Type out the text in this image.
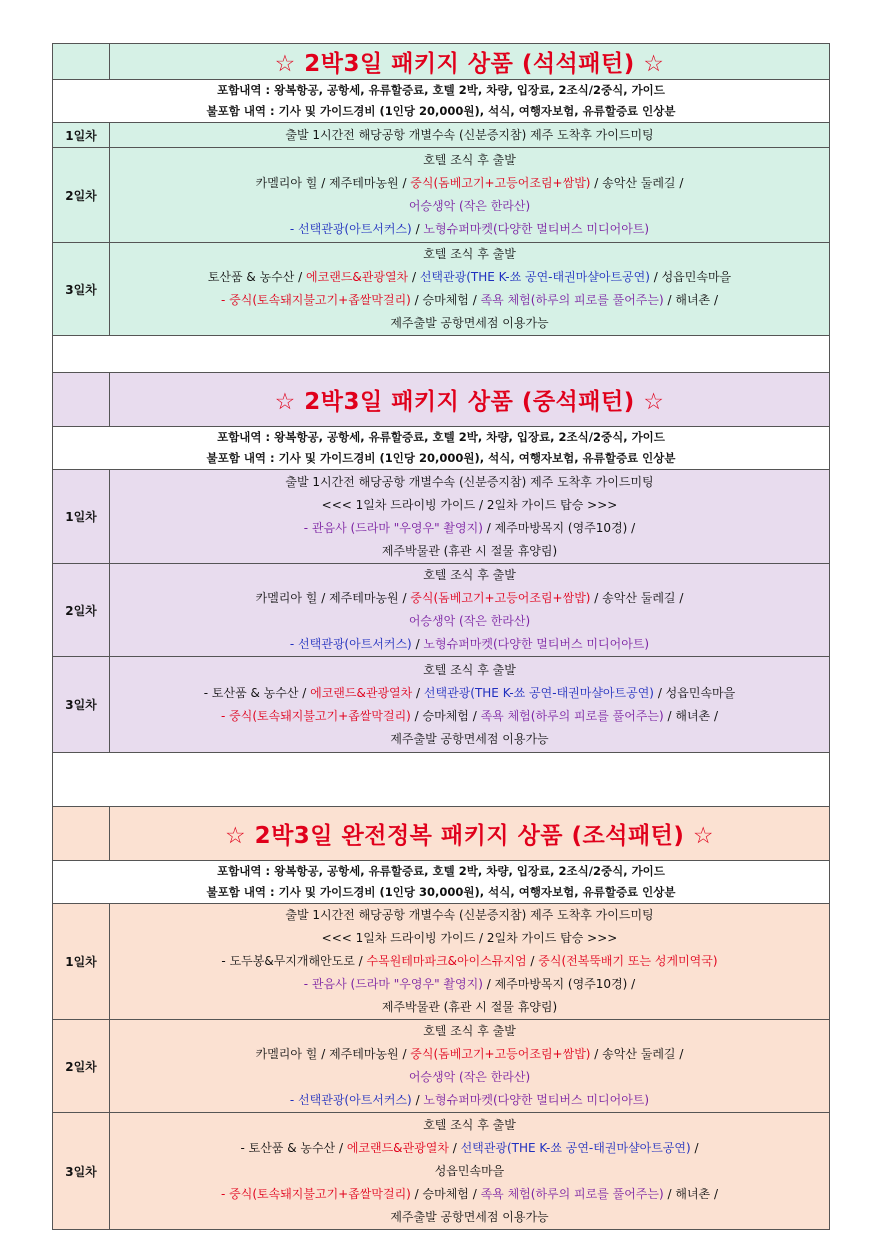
	☆ 2박3일 패키지 상품 (석석패턴) ☆

포함내역 : 왕복항공, 공항세, 유류할증료, 호텔 2박, 차량, 입장료, 2조식/2중식, 가이드
불포함 내역 : 기사 및 가이드경비 (1인당 20,000원), 석식, 여행자보험, 유류할증료 인상분	

1일차	출발 1시간전 해당공항 개별수속 (신분증지참) 제주 도착후 가이드미팅

2일차	호텔 조식 후 출발
카멜리아 힐 / 제주테마농원 / 중식(돔베고기+고등어조림+쌈밥) / 송악산 둘레길 /
어승생악 (작은 한라산)
- 선택관광(아트서커스) / 노형슈퍼마켓(다양한 멀티버스 미디어아트)

3일차	호텔 조식 후 출발
토산품 & 농수산 / 에코랜드&관광열차 / 선택관광(THE K-쑈 공연-태권마샬아트공연) / 성읍민속마을
- 중식(토속돼지불고기+좁쌀막걸리) / 승마체험 / 족욕 체험(하루의 피로를 풀어주는) / 해녀촌 /
제주출발 공항면세점 이용가능

	☆ 2박3일 패키지 상품 (중석패턴) ☆

포함내역 : 왕복항공, 공항세, 유류할증료, 호텔 2박, 차량, 입장료, 2조식/2중식, 가이드
불포함 내역 : 기사 및 가이드경비 (1인당 20,000원), 석식, 여행자보험, 유류할증료 인상분	

1일차	출발 1시간전 해당공항 개별수속 (신분증지참) 제주 도착후 가이드미팅
<<< 1일차 드라이빙 가이드 / 2일차 가이드 탑승 >>>
- 관음사 (드라마 "우영우" 촬영지) / 제주마방목지 (영주10경) /
제주박물관 (휴관 시 절물 휴양림)

2일차	호텔 조식 후 출발
카멜리아 힐 / 제주테마농원 / 중식(돔베고기+고등어조림+쌈밥) / 송악산 둘레길 /
어승생악 (작은 한라산)
- 선택관광(아트서커스) / 노형슈퍼마켓(다양한 멀티버스 미디어아트)

3일차	호텔 조식 후 출발
- 토산품 & 농수산 / 에코랜드&관광열차 / 선택관광(THE K-쑈 공연-태권마샬아트공연) / 성읍민속마을
- 중식(토속돼지불고기+좁쌀막걸리) / 승마체험 / 족욕 체험(하루의 피로를 풀어주는) / 해녀촌 /
제주출발 공항면세점 이용가능

	☆ 2박3일 완전정복 패키지 상품 (조석패턴) ☆

포함내역 : 왕복항공, 공항세, 유류할증료, 호텔 2박, 차량, 입장료, 2조식/2중식, 가이드
불포함 내역 : 기사 및 가이드경비 (1인당 30,000원), 석식, 여행자보험, 유류할증료 인상분	

1일차	출발 1시간전 해당공항 개별수속 (신분증지참) 제주 도착후 가이드미팅
<<< 1일차 드라이빙 가이드 / 2일차 가이드 탑승 >>>
- 도두봉&무지개해안도로 / 수목원테마파크&아이스뮤지엄 / 중식(전복뚝배기 또는 성게미역국)
- 관음사 (드라마 "우영우" 촬영지) / 제주마방목지 (영주10경) /
제주박물관 (휴관 시 절물 휴양림)

2일차	호텔 조식 후 출발
카멜리아 힐 / 제주테마농원 / 중식(돔베고기+고등어조림+쌈밥) / 송악산 둘레길 /
어승생악 (작은 한라산)
- 선택관광(아트서커스) / 노형슈퍼마켓(다양한 멀티버스 미디어아트)

3일차	호텔 조식 후 출발
- 토산품 & 농수산 / 에코랜드&관광열차 / 선택관광(THE K-쑈 공연-태권마샬아트공연) /
성읍민속마을
- 중식(토속돼지불고기+좁쌀막걸리) / 승마체험 / 족욕 체험(하루의 피로를 풀어주는) / 해녀촌 /
제주출발 공항면세점 이용가능
